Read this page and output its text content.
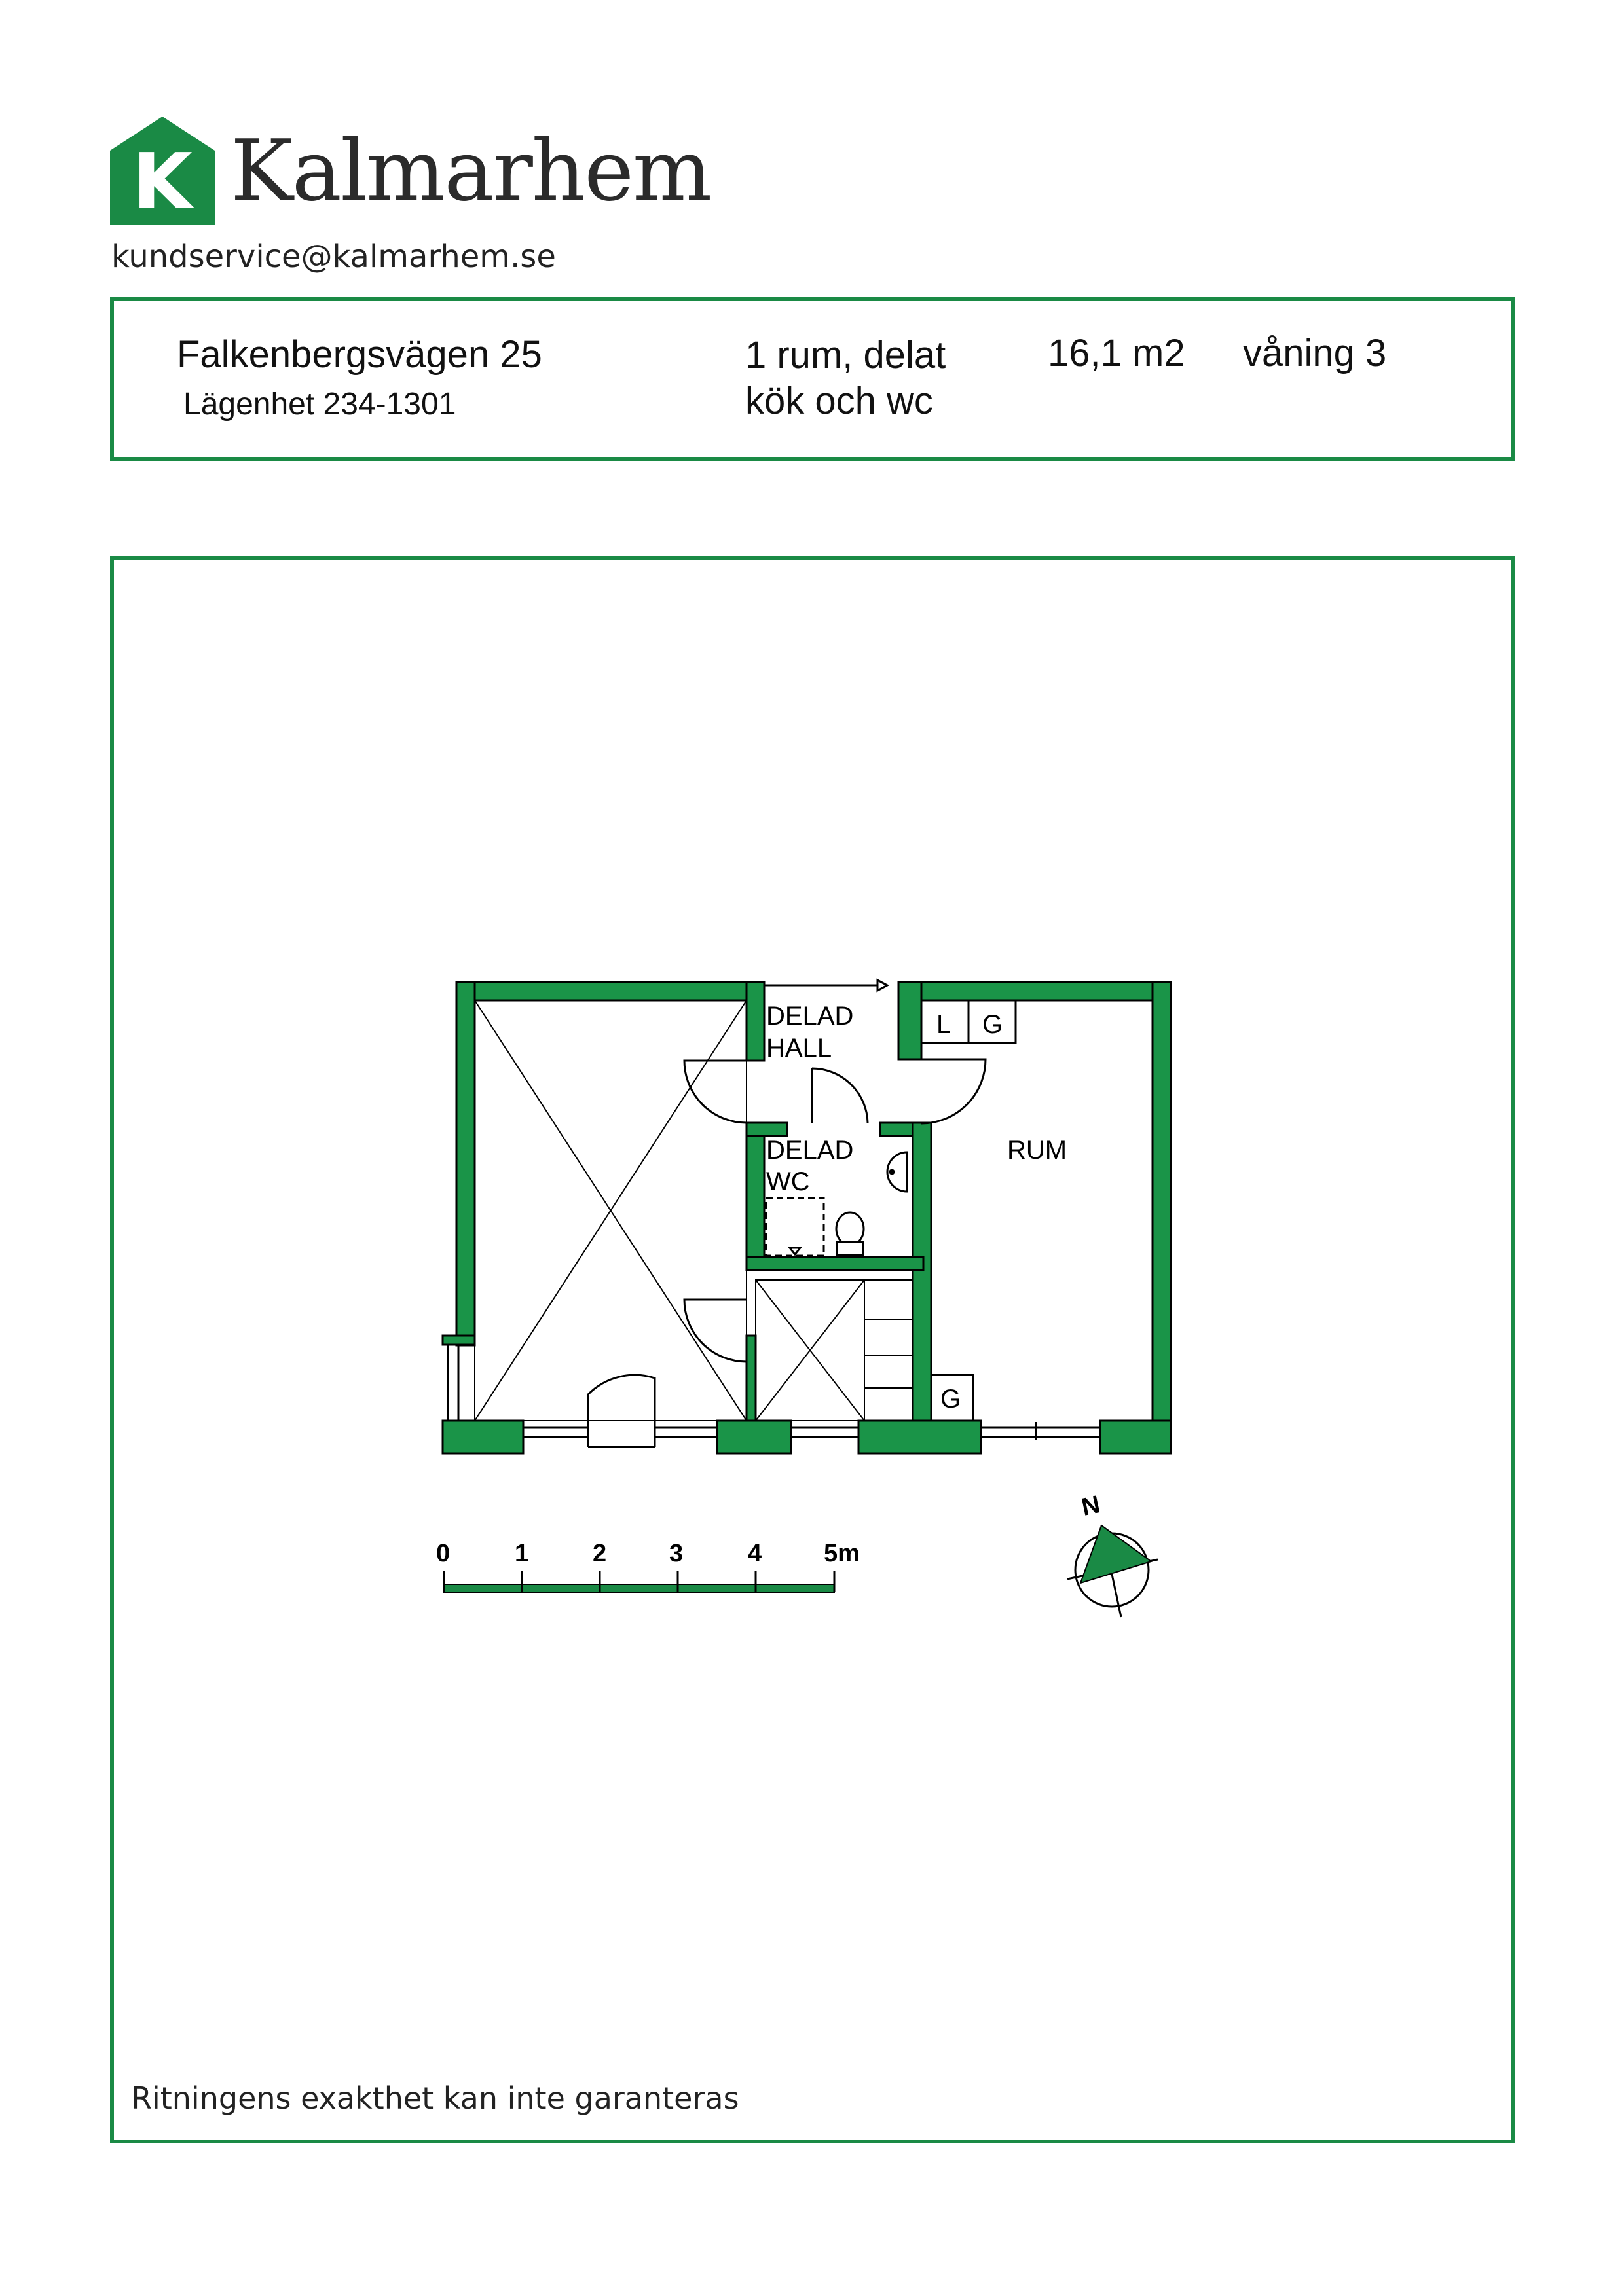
K Kalmarhem
kundservice@kalmarhem.se
Falkenbergsvägen 25
Lägenhet 234-1301
1 rum, delat
kök och wc
16,1 m2 våning 3
DELAD
HALL
DELAD
WC
RUM
L G
G
0	1	2	3	4 5m
N
Ritningens exakthet kan inte garanteras
